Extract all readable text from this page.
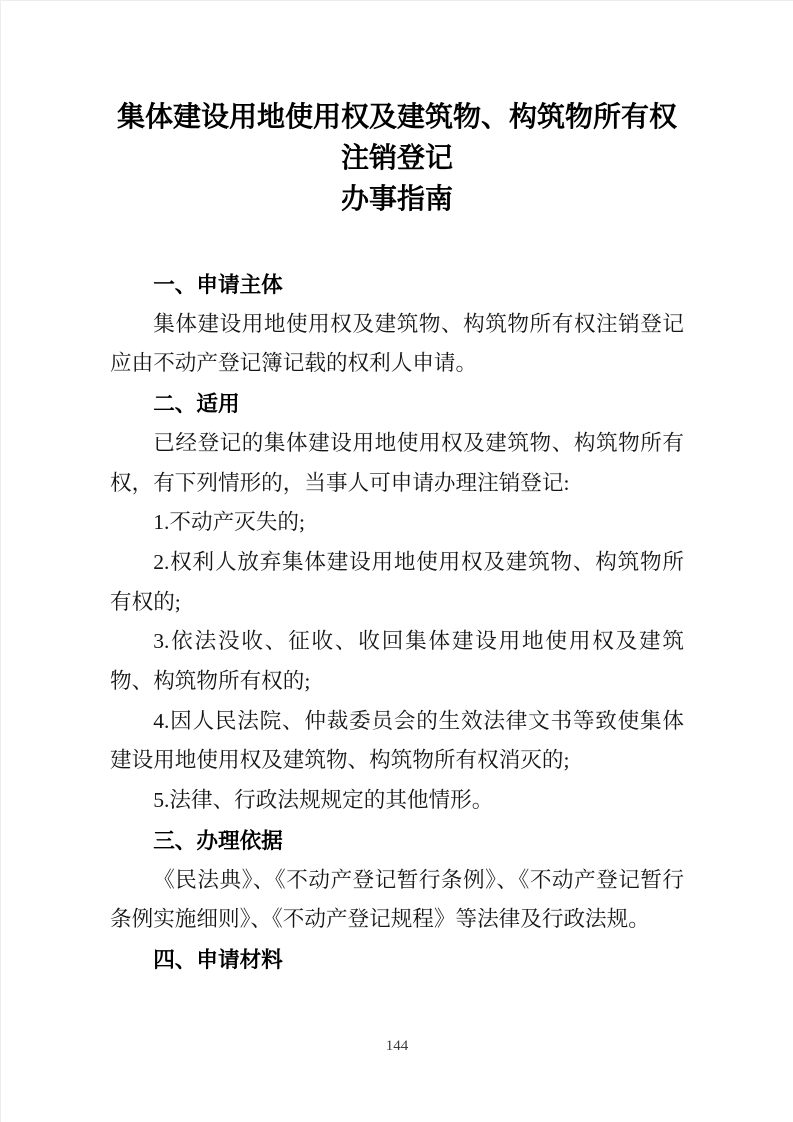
集体建设用地使用权及建筑物、构筑物所有权注销登记
办事指南
一、申请主体

集体建设用地使用权及建筑物、构筑物所有权注销登记应由不动产登记簿记载的权利人申请。

二、适用

已经登记的集体建设用地使用权及建筑物、构筑物所有权，有下列情形的，当事人可申请办理注销登记:

1.不动产灭失的;

2.权利人放弃集体建设用地使用权及建筑物、构筑物所有权的;

3.依法没收、征收、收回集体建设用地使用权及建筑物、构筑物所有权的;

4.因人民法院、仲裁委员会的生效法律文书等致使集体建设用地使用权及建筑物、构筑物所有权消灭的;

5.法律、行政法规规定的其他情形。

三、办理依据

《民法典》、《不动产登记暂行条例》、《不动产登记暂行条例实施细则》、《不动产登记规程》等法律及行政法规。

四、申请材料
144
